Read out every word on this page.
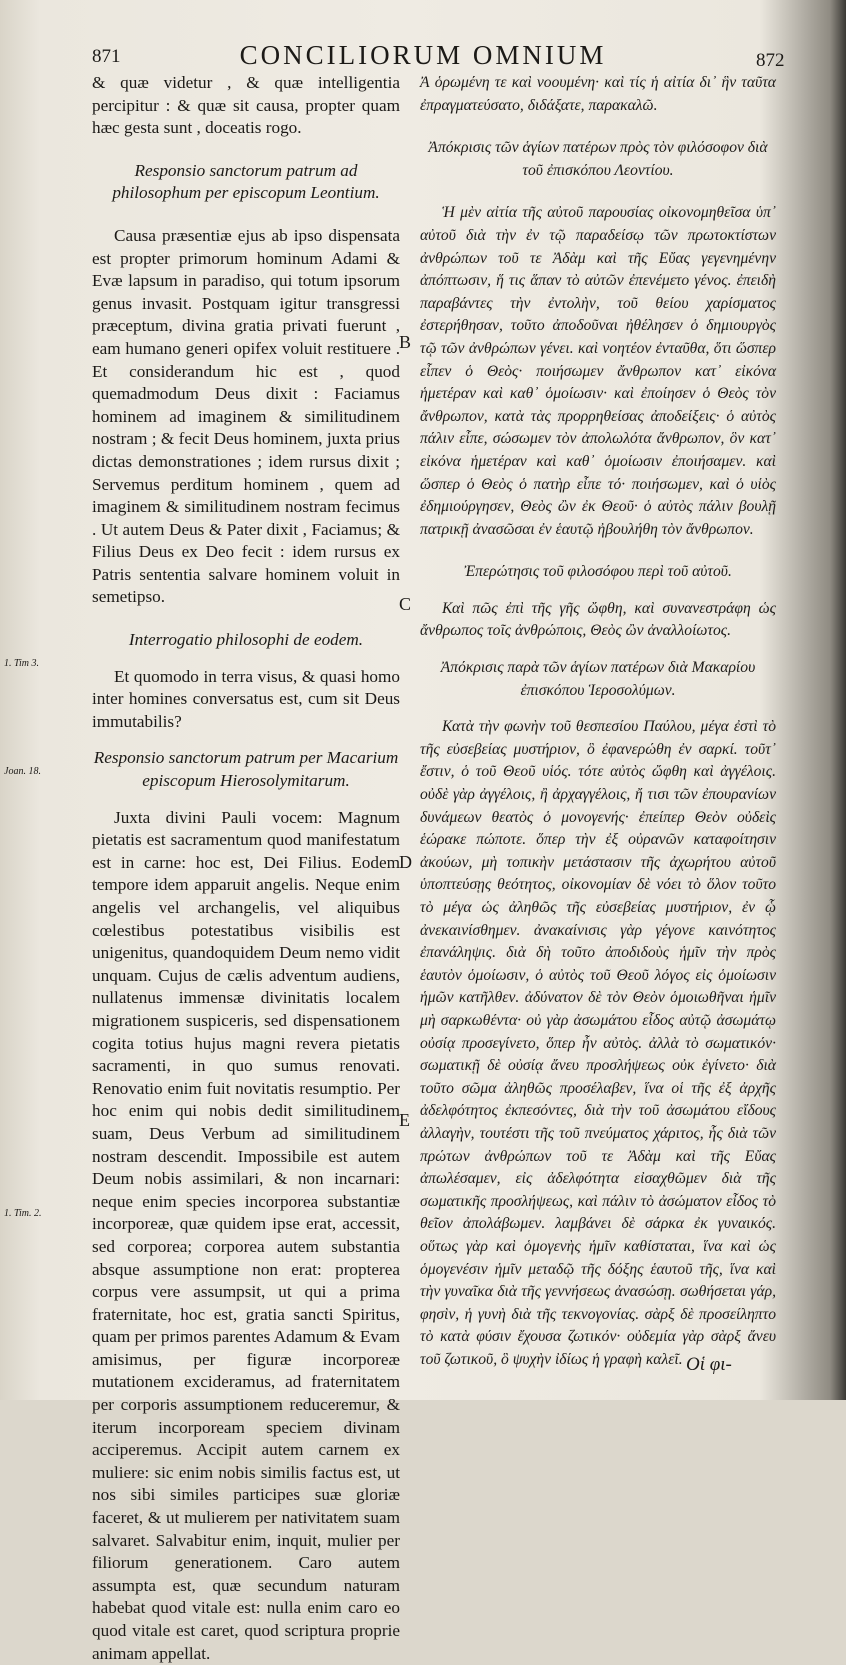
871	CONCILIORUM OMNIUM	872

& quæ videtur , & quæ intelligentia percipitur : & quæ sit causa, propter quam hæc gesta sunt , doceatis rogo.

Responsio sanctorum patrum ad philosophum per episcopum Leontium.

Causa præsentiæ ejus ab ipso dispensata est propter primorum hominum Adami & Evæ lapsum in paradiso, qui totum ipsorum genus invasit. Postquam igitur transgressi præceptum, divina gratia privati fuerunt , eam humano generi opifex voluit restituere . Et considerandum hic est , quod quemadmodum Deus dixit : Faciamus hominem ad imaginem & similitudinem nostram ; & fecit Deus hominem, juxta prius dictas demonstrationes ; idem rursus dixit ; Servemus perditum hominem , quem ad imaginem & similitudinem nostram fecimus . Ut autem Deus & Pater dixit , Faciamus; & Filius Deus ex Deo fecit : idem rursus ex Patris sententia salvare hominem voluit in semetipso.

Interrogatio philosophi de eodem.

Et quomodo in terra visus, & quasi homo inter homines conversatus est, cum sit Deus immutabilis?

Responsio sanctorum patrum per Macarium episcopum Hierosolymitarum.

Juxta divini Pauli vocem: Magnum pietatis est sacramentum quod manifestatum est in carne: hoc est, Dei Filius. Eodem tempore idem apparuit angelis. Neque enim angelis vel archangelis, vel aliquibus cœlestibus potestatibus visibilis est unigenitus, quandoquidem Deum nemo vidit unquam. Cujus de cælis adventum audiens, nullatenus immensæ divinitatis localem migrationem suspiceris, sed dispensationem cogita totius hujus magni revera pietatis sacramenti, in quo sumus renovati. Renovatio enim fuit novitatis resumptio. Per hoc enim qui nobis dedit similitudinem suam, Deus Verbum ad similitudinem nostram descendit. Impossibile est autem Deum nobis assimilari, & non incarnari: neque enim species incorporea substantiæ incorporeæ, quæ quidem ipse erat, accessit, sed corporea; corporea autem substantia absque assumptione non erat: propterea corpus vere assumpsit, ut qui a prima fraternitate, hoc est, gratia sancti Spiritus, quam per primos parentes Adamum & Evam amisimus, per figuræ incorporeæ mutationem excideramus, ad fraternitatem per corporis assumptionem reduceremur, & iterum incorpoream speciem divinam acciperemus. Accipit autem carnem ex muliere: sic enim nobis similis factus est, ut nos sibi similes participes suæ gloriæ faceret, & ut mulierem per nativitatem suam salvaret. Salvabitur enim, inquit, mulier per filiorum generationem. Caro autem assumpta est, quæ secundum naturam habebat quod vitale est: nulla enim caro eo quod vitale est caret, quod scriptura proprie animam appellat.

Ἀ ὁρωμένη τε καὶ νοουμένη· καὶ τίς ἡ αἰτία δι᾽ ἣν ταῦτα ἐπραγματεύσατο, διδάξατε, παρακαλῶ.

Ἀπόκρισις τῶν ἁγίων πατέρων πρὸς τὸν φιλόσοφον διὰ τοῦ ἐπισκόπου Λεοντίου.

Ἡ μὲν αἰτία τῆς αὐτοῦ παρουσίας οἰκονομηθεῖσα ὑπ᾽ αὐτοῦ διὰ τὴν ἐν τῷ παραδείσῳ τῶν πρωτοκτίστων ἀνθρώπων τοῦ τε Ἀδὰμ καὶ τῆς Εὔας γεγενημένην ἀπόπτωσιν, ἥ τις ἅπαν τὸ αὐτῶν ἐπενέμετο γένος. ἐπειδὴ παραβάντες τὴν ἐντολὴν, τοῦ θείου χαρίσματος ἐστερήθησαν, τοῦτο ἀποδοῦναι ἠθέλησεν ὁ δημιουργὸς τῷ τῶν ἀνθρώπων γένει. καὶ νοητέον ἐνταῦθα, ὅτι ὥσπερ εἶπεν ὁ Θεὸς· ποιήσωμεν ἄνθρωπον κατ᾽ εἰκόνα ἡμετέραν καὶ καθ᾽ ὁμοίωσιν· καὶ ἐποίησεν ὁ Θεὸς τὸν ἄνθρωπον, κατὰ τὰς προρρηθείσας ἀποδείξεις· ὁ αὐτὸς πάλιν εἶπε, σώσωμεν τὸν ἀπολωλότα ἄνθρωπον, ὃν κατ᾽ εἰκόνα ἡμετέραν καὶ καθ᾽ ὁμοίωσιν ἐποιήσαμεν. καὶ ὥσπερ ὁ Θεὸς ὁ πατὴρ εἶπε τό· ποιήσωμεν, καὶ ὁ υἱὸς ἐδημιούργησεν, Θεὸς ὢν ἐκ Θεοῦ· ὁ αὐτὸς πάλιν βουλῇ πατρικῇ ἀνασῶσαι ἐν ἑαυτῷ ἠβουλήθη τὸν ἄνθρωπον.

Ἐπερώτησις τοῦ φιλοσόφου περὶ τοῦ αὐτοῦ.

Καὶ πῶς ἐπὶ τῆς γῆς ὤφθη, καὶ συνανεστράφη ὡς ἄνθρωπος τοῖς ἀνθρώποις, Θεὸς ὢν ἀναλλοίωτος.

Ἀπόκρισις παρὰ τῶν ἁγίων πατέρων διὰ Μακαρίου ἐπισκόπου Ἱεροσολύμων.

Κατὰ τὴν φωνὴν τοῦ θεσπεσίου Παύλου, μέγα ἐστὶ τὸ τῆς εὐσεβείας μυστήριον, ὃ ἐφανερώθη ἐν σαρκί. τοῦτ᾽ ἔστιν, ὁ τοῦ Θεοῦ υἱός. τότε αὐτὸς ὤφθη καὶ ἀγγέλοις. οὐδὲ γὰρ ἀγγέλοις, ἢ ἀρχαγγέλοις, ἤ τισι τῶν ἐπουρανίων δυνάμεων θεατὸς ὁ μονογενής· ἐπείπερ Θεὸν οὐδεὶς ἑώρακε πώποτε. ὅπερ τὴν ἐξ οὐρανῶν καταφοίτησιν ἀκούων, μὴ τοπικὴν μετάστασιν τῆς ἀχωρήτου αὐτοῦ ὑποπτεύσῃς θεότητος, οἰκονομίαν δὲ νόει τὸ ὅλον τοῦτο τὸ μέγα ὡς ἀληθῶς τῆς εὐσεβείας μυστήριον, ἐν ᾧ ἀνεκαινίσθημεν. ἀνακαίνισις γὰρ γέγονε καινότητος ἐπανάληψις. διὰ δὴ τοῦτο ἀποδιδοὺς ἡμῖν τὴν πρὸς ἑαυτὸν ὁμοίωσιν, ὁ αὐτὸς τοῦ Θεοῦ λόγος εἰς ὁμοίωσιν ἡμῶν κατῆλθεν. ἀδύνατον δὲ τὸν Θεὸν ὁμοιωθῆναι ἡμῖν μὴ σαρκωθέντα· οὐ γὰρ ἀσωμάτου εἶδος αὐτῷ ἀσωμάτῳ οὐσίᾳ προσεγίνετο, ὅπερ ἦν αὐτὸς. ἀλλὰ τὸ σωματικόν· σωματικῇ δὲ οὐσίᾳ ἄνευ προσλήψεως οὐκ ἐγίνετο· διὰ τοῦτο σῶμα ἀληθῶς προσέλαβεν, ἵνα οἱ τῆς ἐξ ἀρχῆς ἀδελφότητος ἐκπεσόντες, διὰ τὴν τοῦ ἀσωμάτου εἴδους ἀλλαγὴν, τουτέστι τῆς τοῦ πνεύματος χάριτος, ἧς διὰ τῶν πρώτων ἀνθρώπων τοῦ τε Ἀδὰμ καὶ τῆς Εὔας ἀπωλέσαμεν, εἰς ἀδελφότητα εἰσαχθῶμεν διὰ τῆς σωματικῆς προσλήψεως, καὶ πάλιν τὸ ἀσώματον εἶδος τὸ θεῖον ἀπολάβωμεν. λαμβάνει δὲ σάρκα ἐκ γυναικός. οὕτως γὰρ καὶ ὁμογενὴς ἡμῖν καθίσταται, ἵνα καὶ ὡς ὁμογενέσιν ἡμῖν μεταδῷ τῆς δόξης ἑαυτοῦ τῆς, ἵνα καὶ τὴν γυναῖκα διὰ τῆς γεννήσεως ἀνασώσῃ. σωθήσεται γάρ, φησὶν, ἡ γυνὴ διὰ τῆς τεκνογονίας. σὰρξ δὲ προσείληπτο τὸ κατὰ φύσιν ἔχουσα ζωτικόν· οὐδεμία γὰρ σὰρξ ἄνευ τοῦ ζωτικοῦ, ὃ ψυχὴν ἰδίως ἡ γραφὴ καλεῖ.

1. Tim 3.
Joan. 18.
1. Tim. 2.
B
C
D
E
Οἱ φι-
